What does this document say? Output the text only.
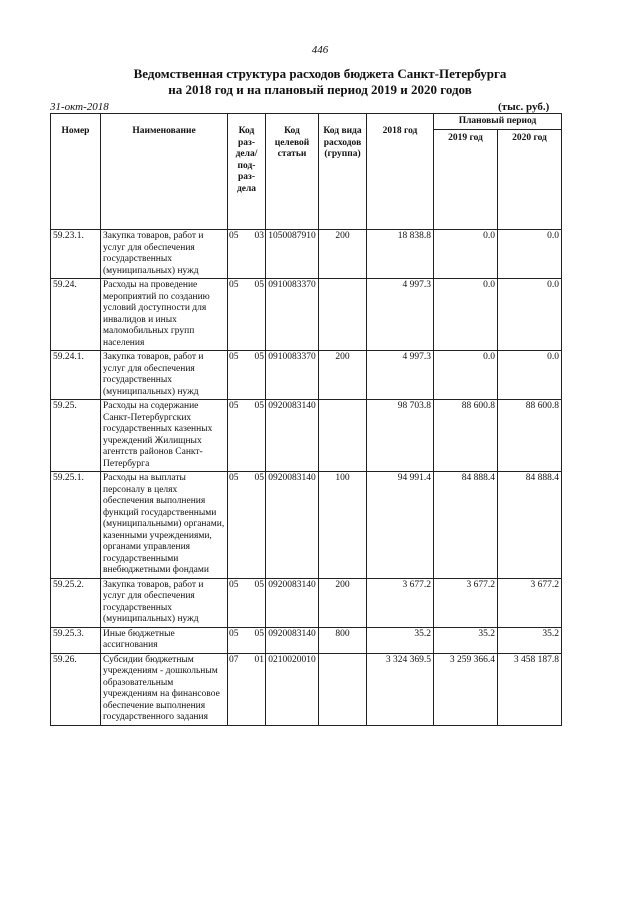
446
Ведомственная структура расходов бюджета Санкт-Петербурга
на 2018 год и на плановый период 2019 и 2020 годов
31-окт-2018	(тыс. руб.)
Номер	Наименование	Код раз-дела/ под-раз-дела	Код целевой статьи	Код вида расходов (группа)	2018 год	Плановый период	
						2019 год	2020 год
59.23.1.	Закупка товаров, работ и услуг для обеспечения государственных (муниципальных) нужд	05 03	1050087910	200	18 838.8	0.0	0.0
59.24.	Расходы на проведение мероприятий по созданию условий доступности для инвалидов и иных маломобильных групп населения	05 05	0910083370		4 997.3	0.0	0.0
59.24.1.	Закупка товаров, работ и услуг для обеспечения государственных (муниципальных) нужд	05 05	0910083370	200	4 997.3	0.0	0.0
59.25.	Расходы на содержание Санкт-Петербургских государственных казенных учреждений Жилищных агентств районов Санкт-Петербурга	05 05	0920083140		98 703.8	88 600.8	88 600.8
59.25.1.	Расходы на выплаты персоналу в целях обеспечения выполнения функций государственными (муниципальными) органами, казенными учреждениями, органами управления государственными внебюджетными фондами	05 05	0920083140	100	94 991.4	84 888.4	84 888.4
59.25.2.	Закупка товаров, работ и услуг для обеспечения государственных (муниципальных) нужд	05 05	0920083140	200	3 677.2	3 677.2	3 677.2
59.25.3.	Иные бюджетные ассигнования	05 05	0920083140	800	35.2	35.2	35.2
59.26.	Субсидии бюджетным учреждениям - дошкольным образовательным учреждениям на финансовое обеспечение выполнения государственного задания	07 01	0210020010		3 324 369.5	3 259 366.4	3 458 187.8
